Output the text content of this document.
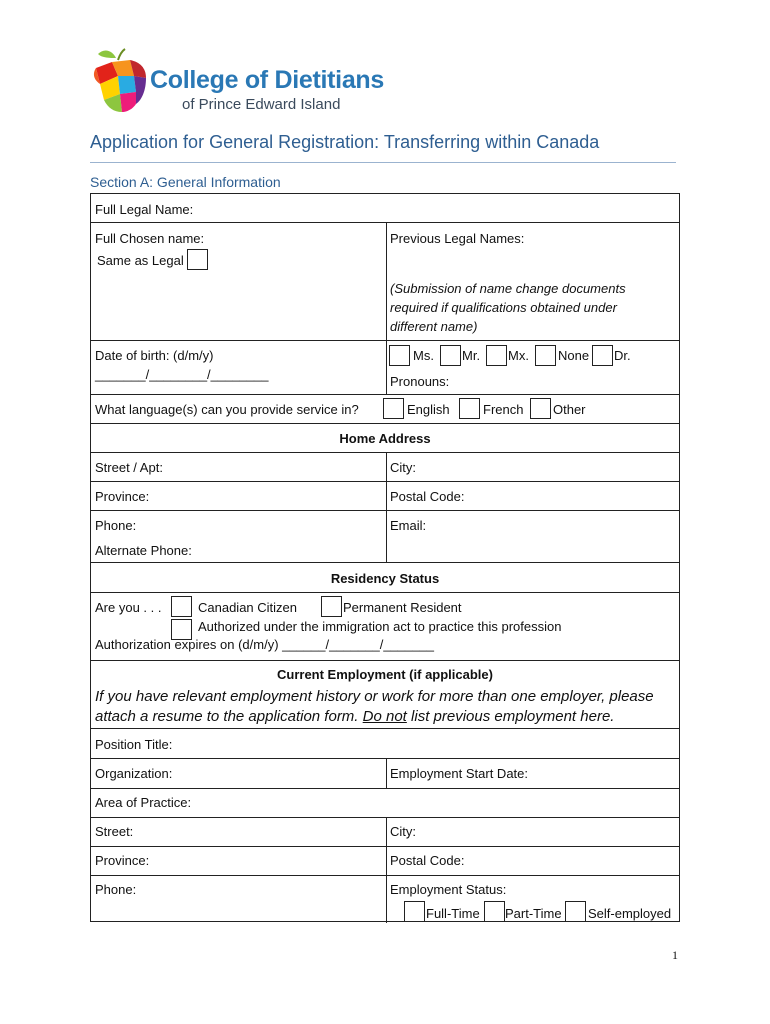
College of Dietitians
of Prince Edward Island
Application for General Registration: Transferring within Canada
Section A: General Information
Full Legal Name:
Full Chosen name:
Same as Legal
Previous Legal Names:
(Submission of name change documents
required if qualifications obtained under
different name)
Date of birth: (d/m/y)
_______/________/________
Ms. Mr. Mx. None Dr.
Pronouns:
What language(s) can you provide service in?	English	French Other
Home Address
Street / Apt:	City:
Province:	Postal Code:
Phone:	Email:
Alternate Phone:
Residency Status
Are you . . .	Canadian Citizen	Permanent Resident
Authorized under the immigration act to practice this profession
Authorization expires on (d/m/y) ______/_______/_______
Current Employment (if applicable)
If you have relevant employment history or work for more than one employer, please
attach a resume to the application form. Do not list previous employment here.
Position Title:
Organization:	Employment Start Date:
Area of Practice:
Street:	City:
Province:	Postal Code:
Phone:	Employment Status:
Full-Time Part-Time Self-employed
1
